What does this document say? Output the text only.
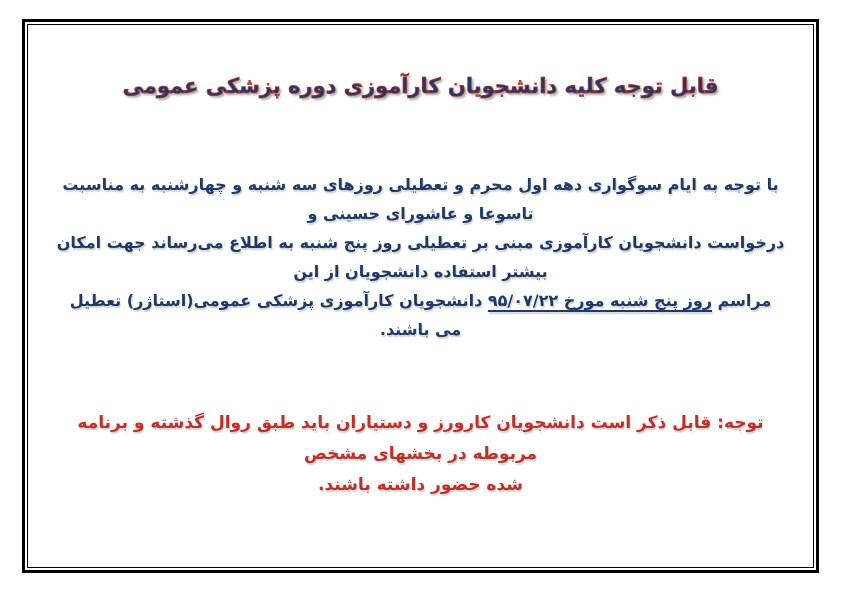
قابل توجه کلیه دانشجویان کارآموزی دوره پزشکی عمومی

با توجه به ایام سوگواری دهه اول محرم و تعطیلی روزهای سه شنبه و چهارشنبه به مناسبت تاسوعا و عاشورای حسینی و

درخواست دانشجویان کارآموزی مبنی بر تعطیلی روز پنج شنبه به اطلاع می‌رساند جهت امکان بیشتر استفاده دانشجویان از این

مراسم روز پنج شنبه مورخ ۹۵/۰۷/۲۲ دانشجویان کارآموزی پزشکی عمومی(استاژر) تعطیل می باشند.

توجه: قابل ذکر است دانشجویان کارورز و دستیاران باید طبق روال گذشته و برنامه مربوطه در بخشهای مشخص

شده حضور داشته باشند.
